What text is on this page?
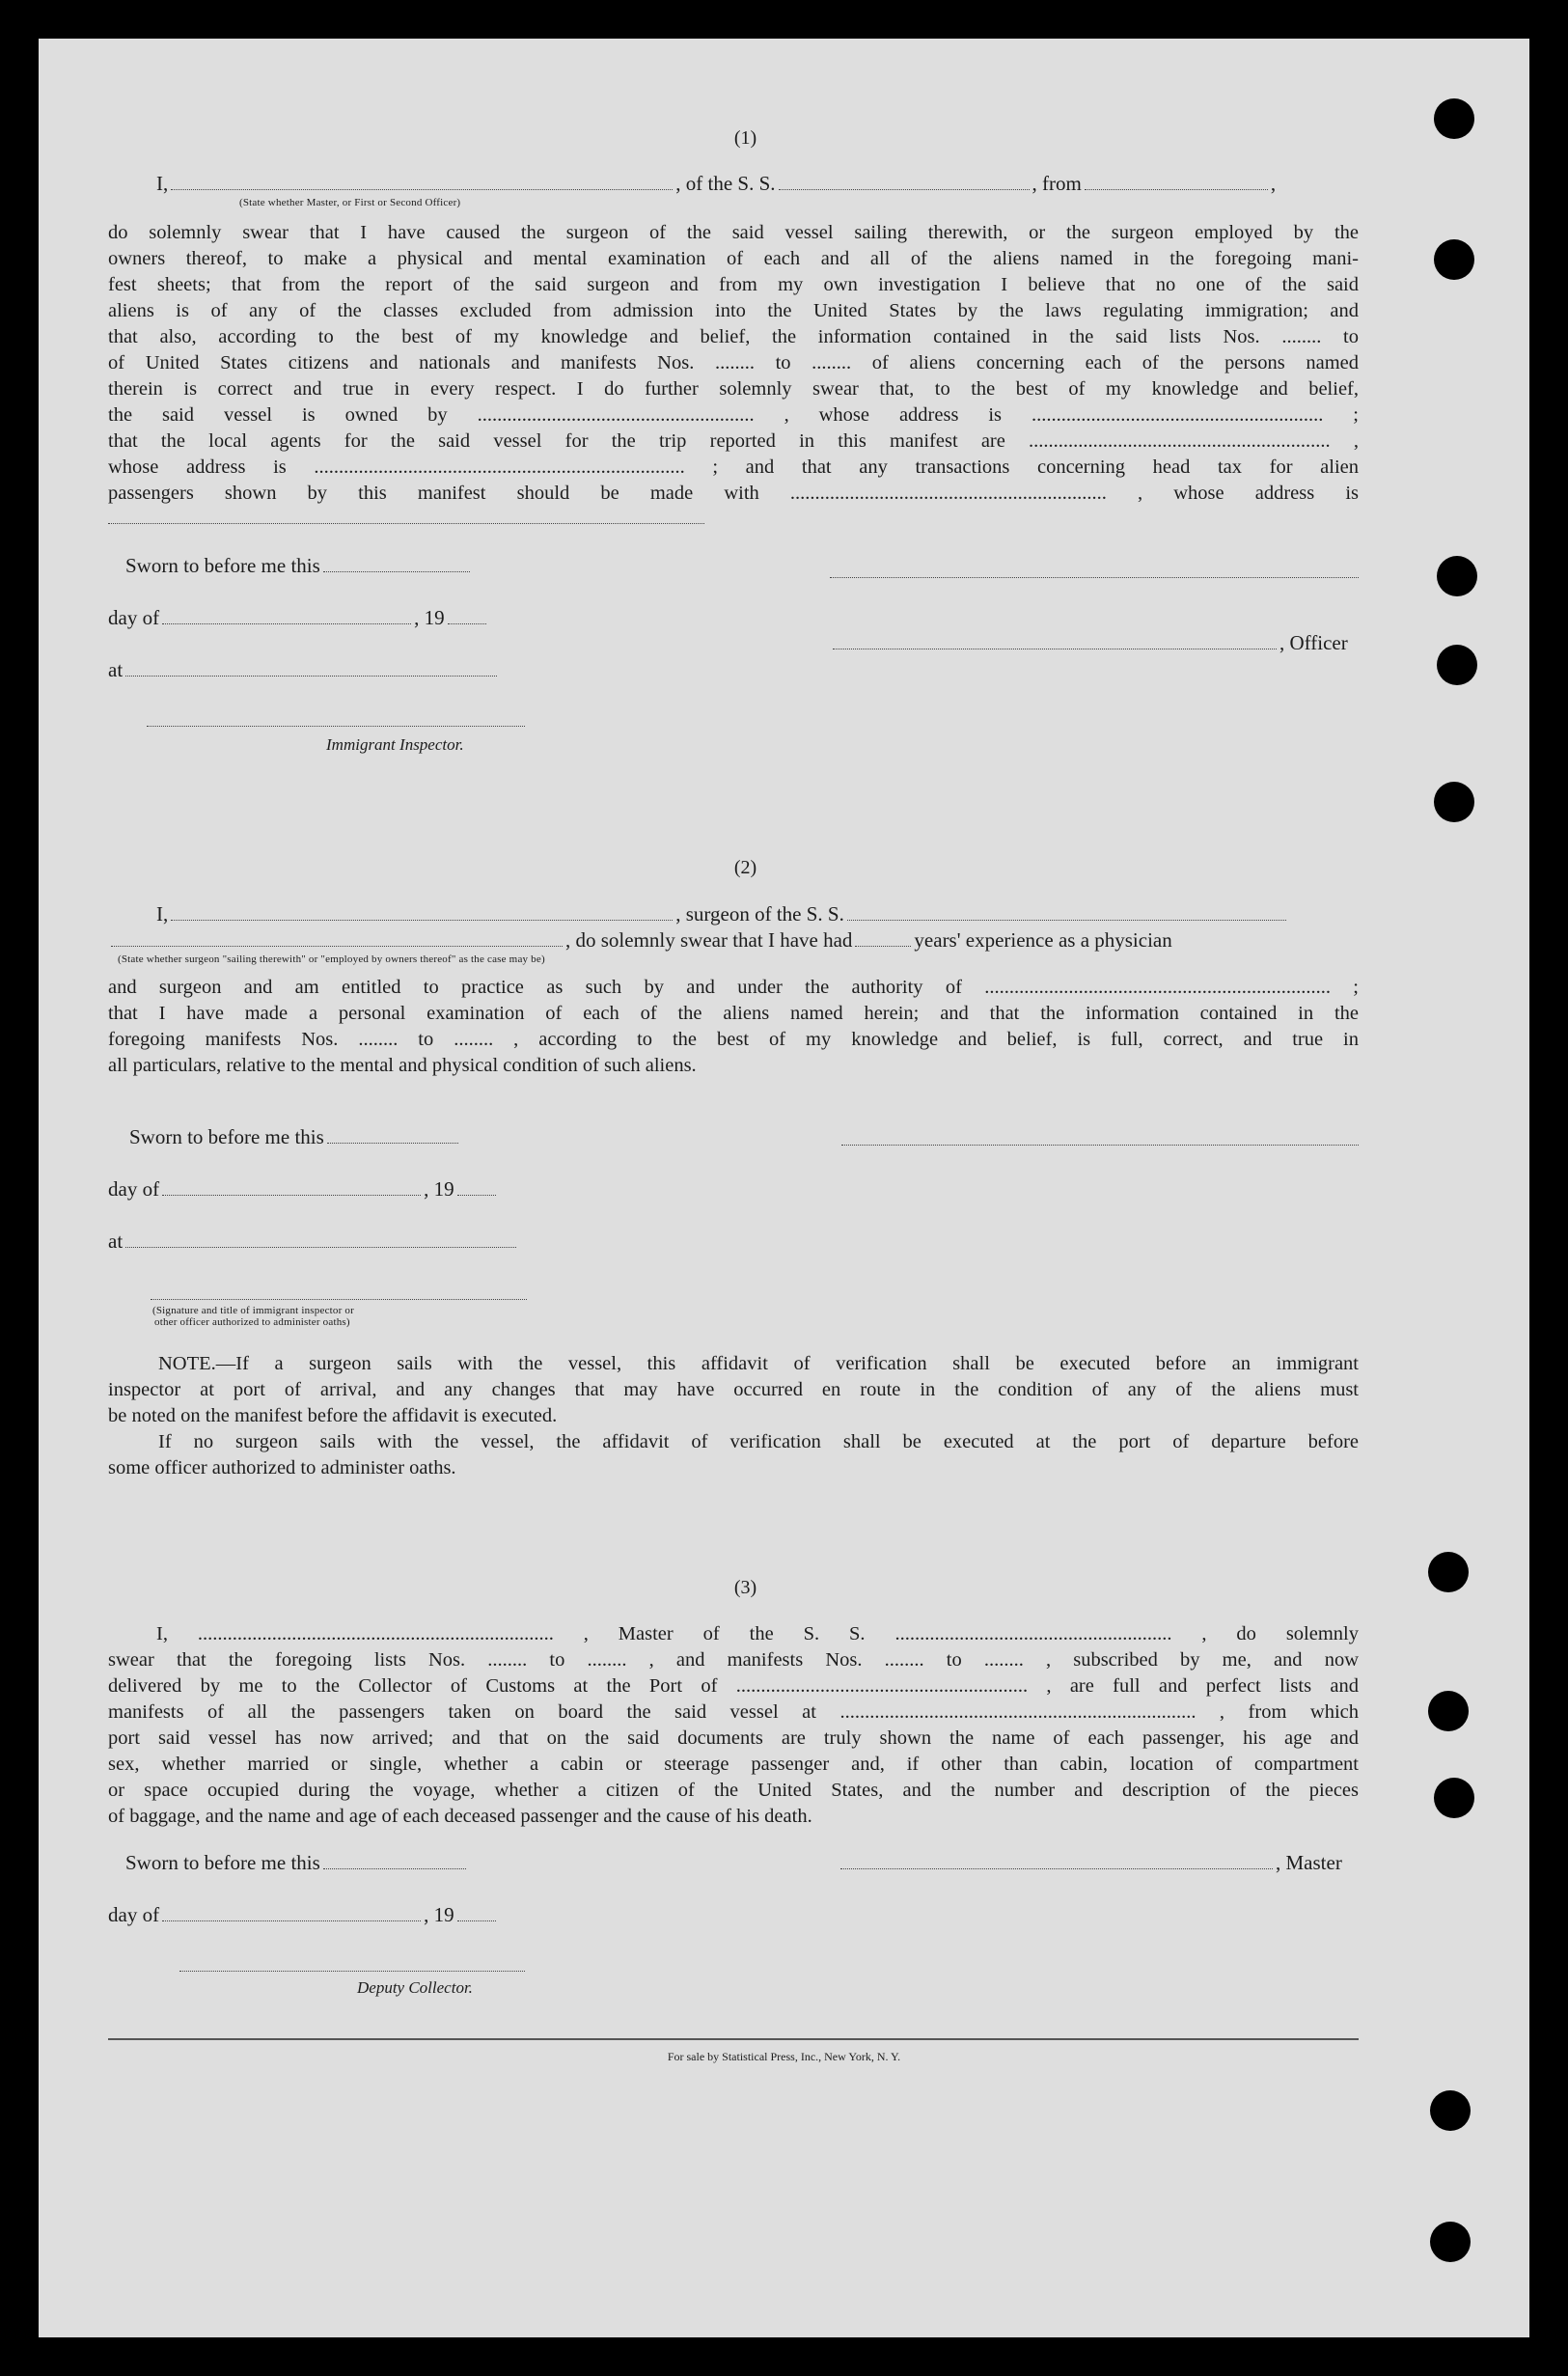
(1)
I,	, of the S. S.	, from	,
(State whether Master, or First or Second Officer)

do solemnly swear that I have caused the surgeon of the said vessel sailing therewith, or the surgeon employed by the

owners thereof, to make a physical and mental examination of each and all of the aliens named in the foregoing mani-

fest sheets; that from the report of the said surgeon and from my own investigation I believe that no one of the said

aliens is of any of the classes excluded from admission into the United States by the laws regulating immigration; and

that also, according to the best of my knowledge and belief, the information contained in the said lists Nos. ........ to

of United States citizens and nationals and manifests Nos. ........ to ........ of aliens concerning each of the persons named

therein is correct and true in every respect. I do further solemnly swear that, to the best of my knowledge and belief,

the said vessel is owned by ........................................................ , whose address is ........................................................... ;

that the local agents for the said vessel for the trip reported in this manifest are ............................................................. ,

whose address is ........................................................................... ; and that any transactions concerning head tax for alien

passengers shown by this manifest should be made with ................................................................ , whose address is

Sworn to before me this
day of	, 19
, Officer
at
Immigrant Inspector.
(2)
I,	, surgeon of the S. S.
, do solemnly swear that I have had	years' experience as a physician
(State whether surgeon "sailing therewith" or "employed by owners thereof" as the case may be)

and surgeon and am entitled to practice as such by and under the authority of ...................................................................... ;

that I have made a personal examination of each of the aliens named herein; and that the information contained in the

foregoing manifests Nos. ........ to ........ , according to the best of my knowledge and belief, is full, correct, and true in

all particulars, relative to the mental and physical condition of such aliens.

Sworn to before me this
day of	, 19
at
(Signature and title of immigrant inspector or
other officer authorized to administer oaths)

NOTE.—If a surgeon sails with the vessel, this affidavit of verification shall be executed before an immigrant

inspector at port of arrival, and any changes that may have occurred en route in the condition of any of the aliens must

be noted on the manifest before the affidavit is executed.

If no surgeon sails with the vessel, the affidavit of verification shall be executed at the port of departure before

some officer authorized to administer oaths.

(3)

I, ........................................................................ , Master of the S. S. ........................................................ , do solemnly

swear that the foregoing lists Nos. ........ to ........ , and manifests Nos. ........ to ........ , subscribed by me, and now

delivered by me to the Collector of Customs at the Port of ........................................................... , are full and perfect lists and

manifests of all the passengers taken on board the said vessel at ........................................................................ , from which

port said vessel has now arrived; and that on the said documents are truly shown the name of each passenger, his age and

sex, whether married or single, whether a cabin or steerage passenger and, if other than cabin, location of compartment

or space occupied during the voyage, whether a citizen of the United States, and the number and description of the pieces

of baggage, and the name and age of each deceased passenger and the cause of his death.

Sworn to before me this	, Master
day of	, 19
Deputy Collector.
For sale by Statistical Press, Inc., New York, N. Y.
